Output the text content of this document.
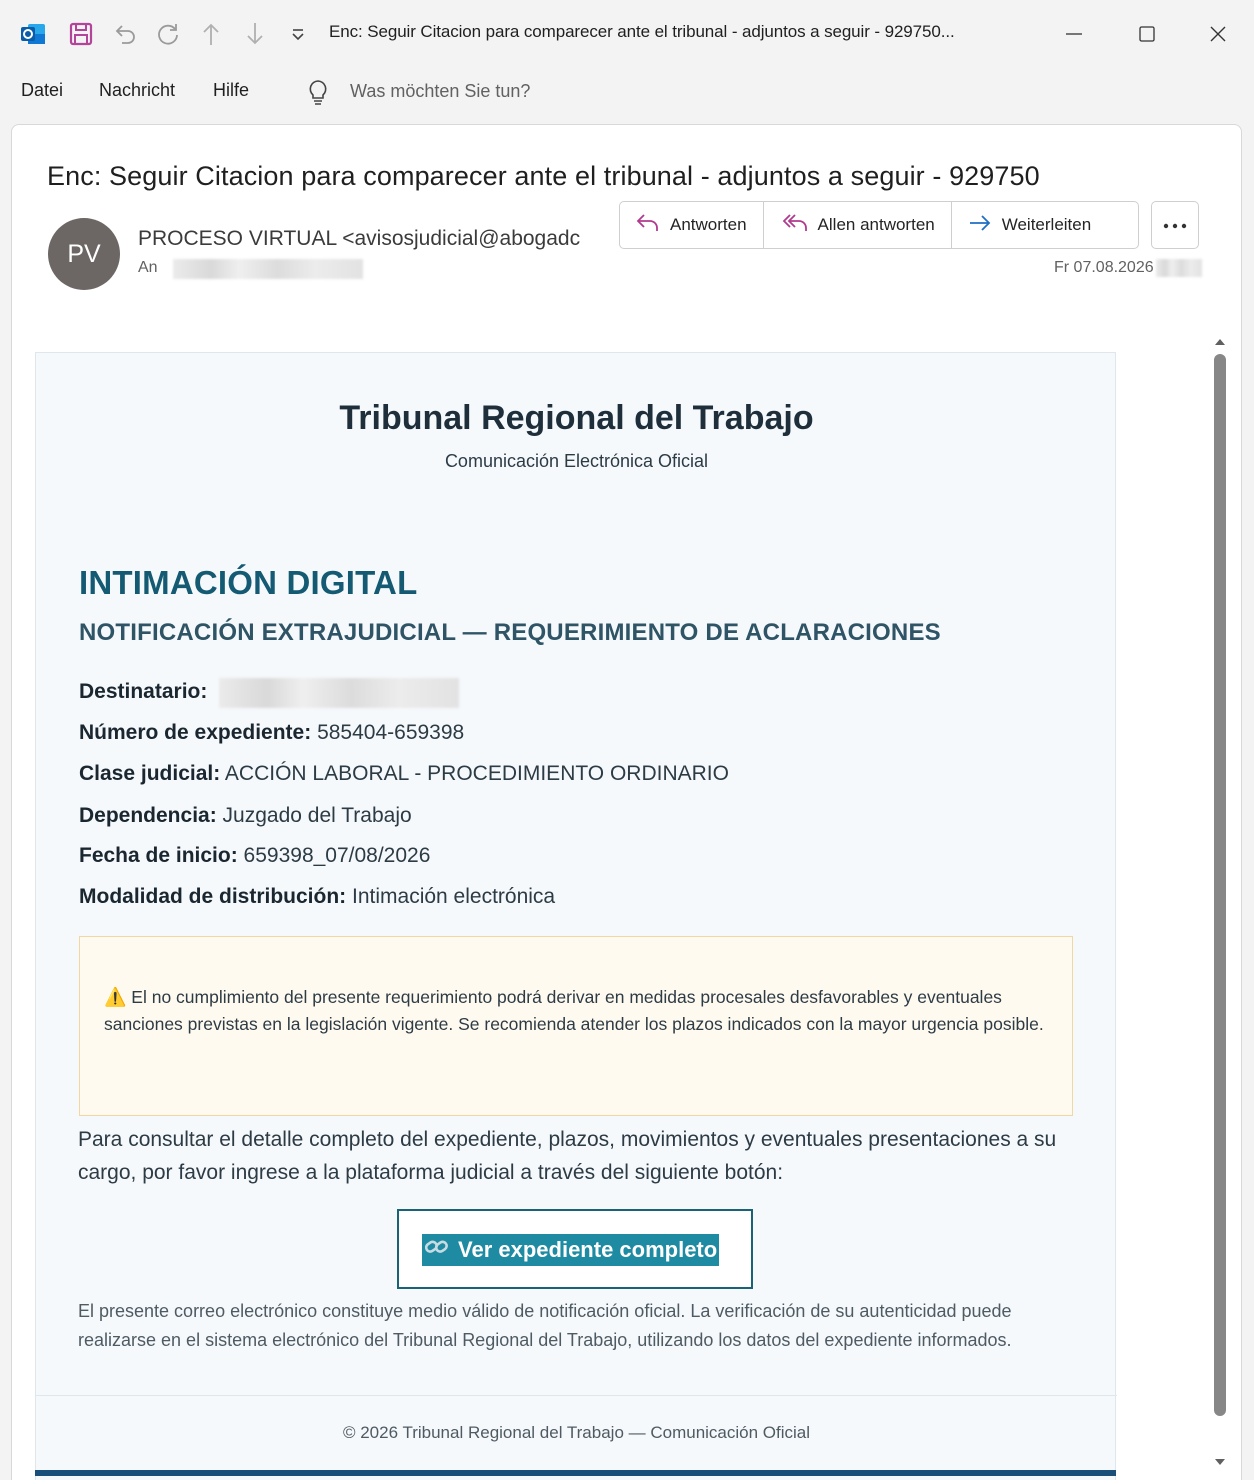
Enc: Seguir Citacion para comparecer ante el tribunal - adjuntos a seguir - 929750...
Datei Nachricht Hilfe	Was möchten Sie tun?
Enc: Seguir Citacion para comparecer ante el tribunal - adjuntos a seguir - 929750
PV
PROCESO VIRTUAL <avisosjudicial@abogadc
An
Antworten	Allen antworten	Weiterleiten
Fr 07.08.2026
Tribunal Regional del Trabajo
Comunicación Electrónica Oficial
INTIMACIÓN DIGITAL
NOTIFICACIÓN EXTRAJUDICIAL — REQUERIMIENTO DE ACLARACIONES
Destinatario:
Número de expediente: 585404-659398
Clase judicial: ACCIÓN LABORAL - PROCEDIMIENTO ORDINARIO
Dependencia: Juzgado del Trabajo
Fecha de inicio: 659398_07/08/2026
Modalidad de distribución: Intimación electrónica
⚠️ El no cumplimiento del presente requerimiento podrá derivar en medidas procesales desfavorables y eventuales sanciones previstas en la legislación vigente. Se recomienda atender los plazos indicados con la mayor urgencia posible.
Para consultar el detalle completo del expediente, plazos, movimientos y eventuales presentaciones a su cargo, por favor ingrese a la plataforma judicial a través del siguiente botón:
Ver expediente completo
El presente correo electrónico constituye medio válido de notificación oficial. La verificación de su autenticidad puede realizarse en el sistema electrónico del Tribunal Regional del Trabajo, utilizando los datos del expediente informados.
© 2026 Tribunal Regional del Trabajo — Comunicación Oficial
